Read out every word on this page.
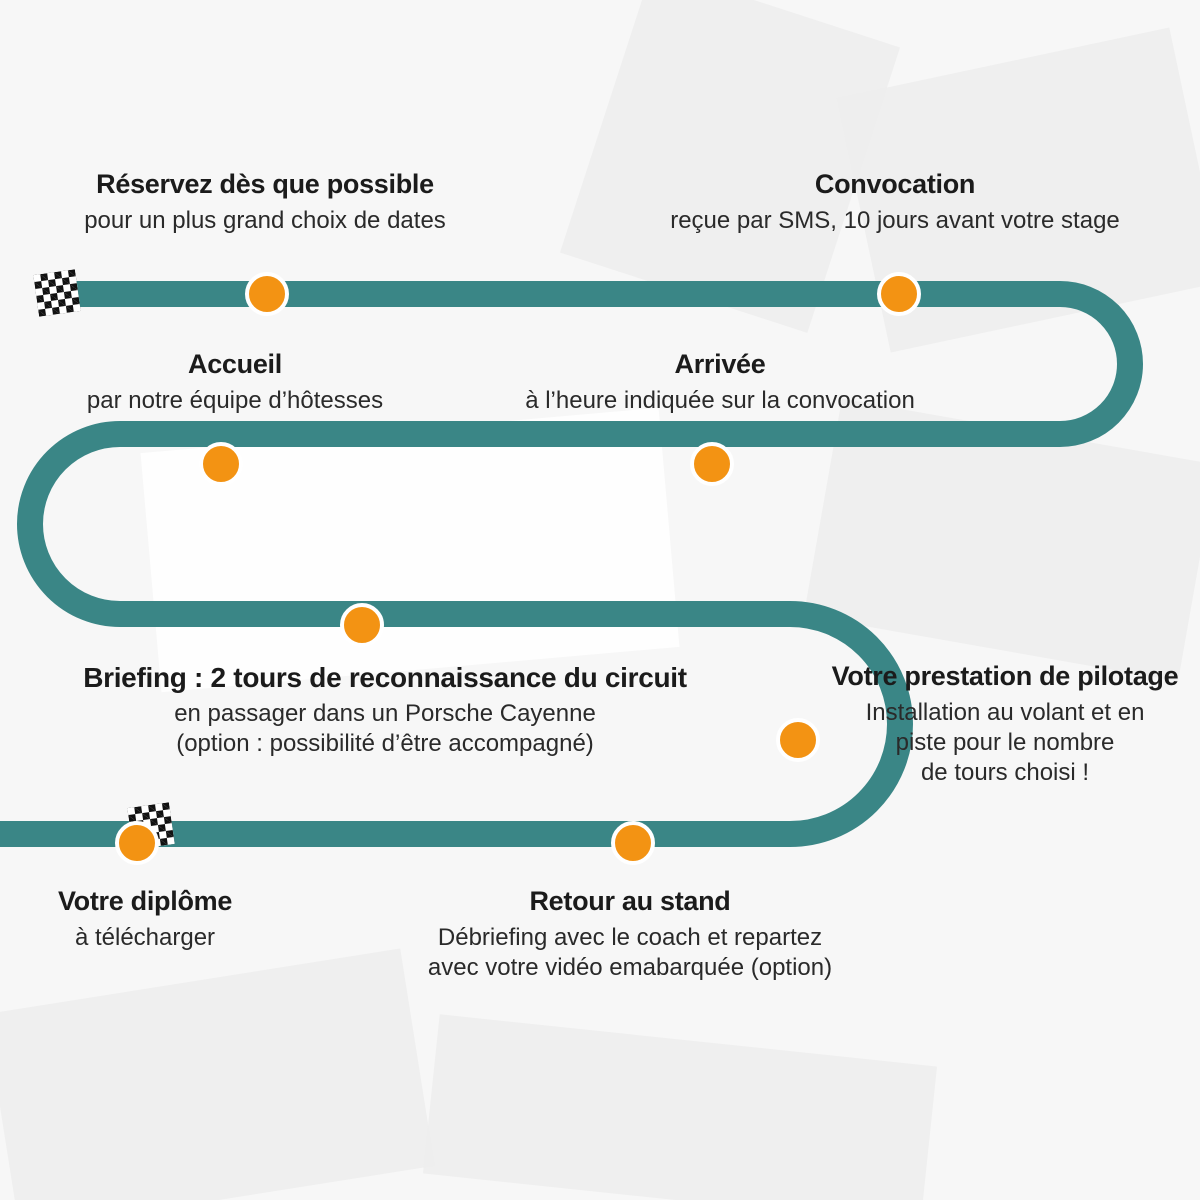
Réservez dès que possible
pour un plus grand choix de dates
Convocation
reçue par SMS, 10 jours avant votre stage
Accueil
par notre équipe d’hôtesses
Arrivée
à l’heure indiquée sur la convocation
Briefing : 2 tours de reconnaissance du circuit
en passager dans un Porsche Cayenne
(option : possibilité d’être accompagné)
Votre prestation de pilotage
Installation au volant et en
piste pour le nombre
de tours choisi !
Votre diplôme
à télécharger
Retour au stand
Débriefing avec le coach et repartez
avec votre vidéo emabarquée (option)
